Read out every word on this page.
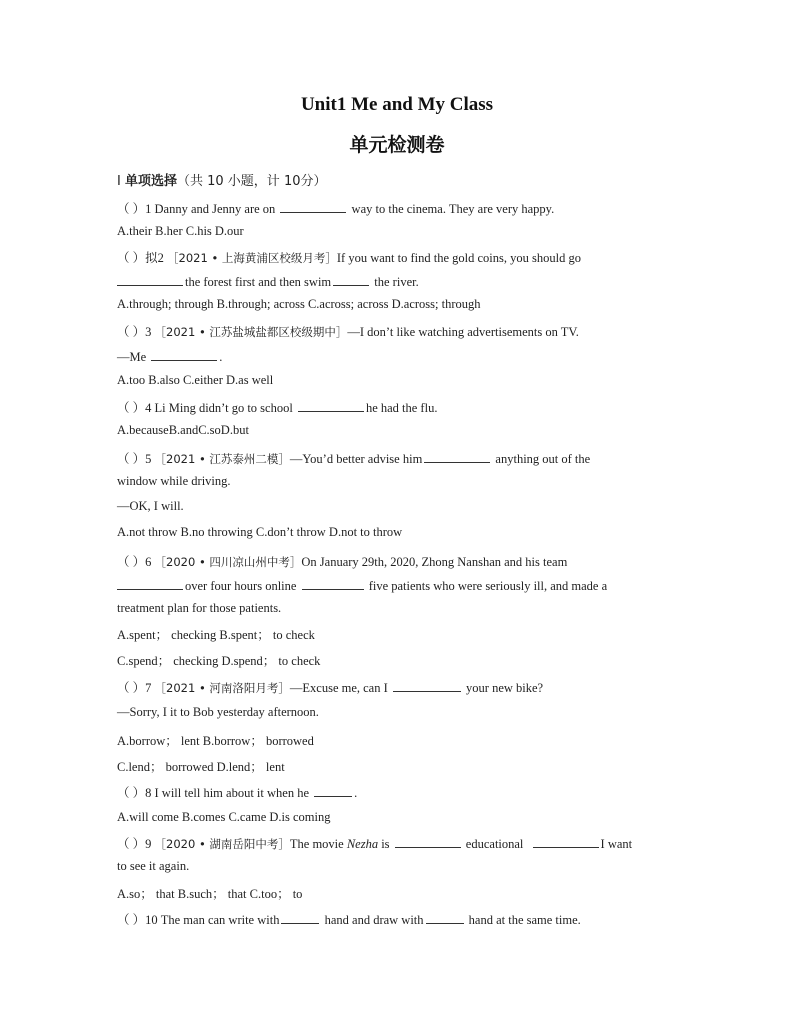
Unit1 Me and My Class
单元检测卷
Ⅰ 单项选择（共 10 小题，计 10分）
（ ）1 Danny and Jenny are on	way to the cinema. They are very happy.
A.their B.her C.his D.our
（ ）拟2 ［2021 • 上海黄浦区校级月考］If you want to find the gold coins, you should go
the forest first and then swim	the river.
A.through; through B.through; across C.across; across D.across; through
（ ）3 ［2021 • 江苏盐城盐都区校级期中］—I don’t like watching advertisements on TV.
—Me	.
A.too B.also C.either D.as well
（ ）4 Li Ming didn’t go to school	he had the flu.
A.becauseB.andC.soD.but
（ ）5 ［2021 • 江苏泰州二模］—You’d better advise him	anything out of the
window while driving.
—OK, I will.
A.not throw B.no throwing C.don’t throw D.not to throw
（ ）6 ［2020 • 四川凉山州中考］On January 29th, 2020, Zhong Nanshan and his team
over four hours online	five patients who were seriously ill, and made a
treatment plan for those patients.
A.spent； checking B.spent； to check
C.spend； checking D.spend； to check
（ ）7 ［2021 • 河南洛阳月考］—Excuse me, can I	your new bike?
—Sorry, I it to Bob yesterday afternoon.
A.borrow； lent B.borrow； borrowed
C.lend； borrowed D.lend； lent
（ ）8 I will tell him about it when he	.
A.will come B.comes C.came D.is coming
（ ）9 ［2020 • 湖南岳阳中考］The movie Nezha is	educational	I want
to see it again.
A.so； that B.such； that C.too； to
（ ）10 The man can write with	hand and draw with	hand at the same time.
